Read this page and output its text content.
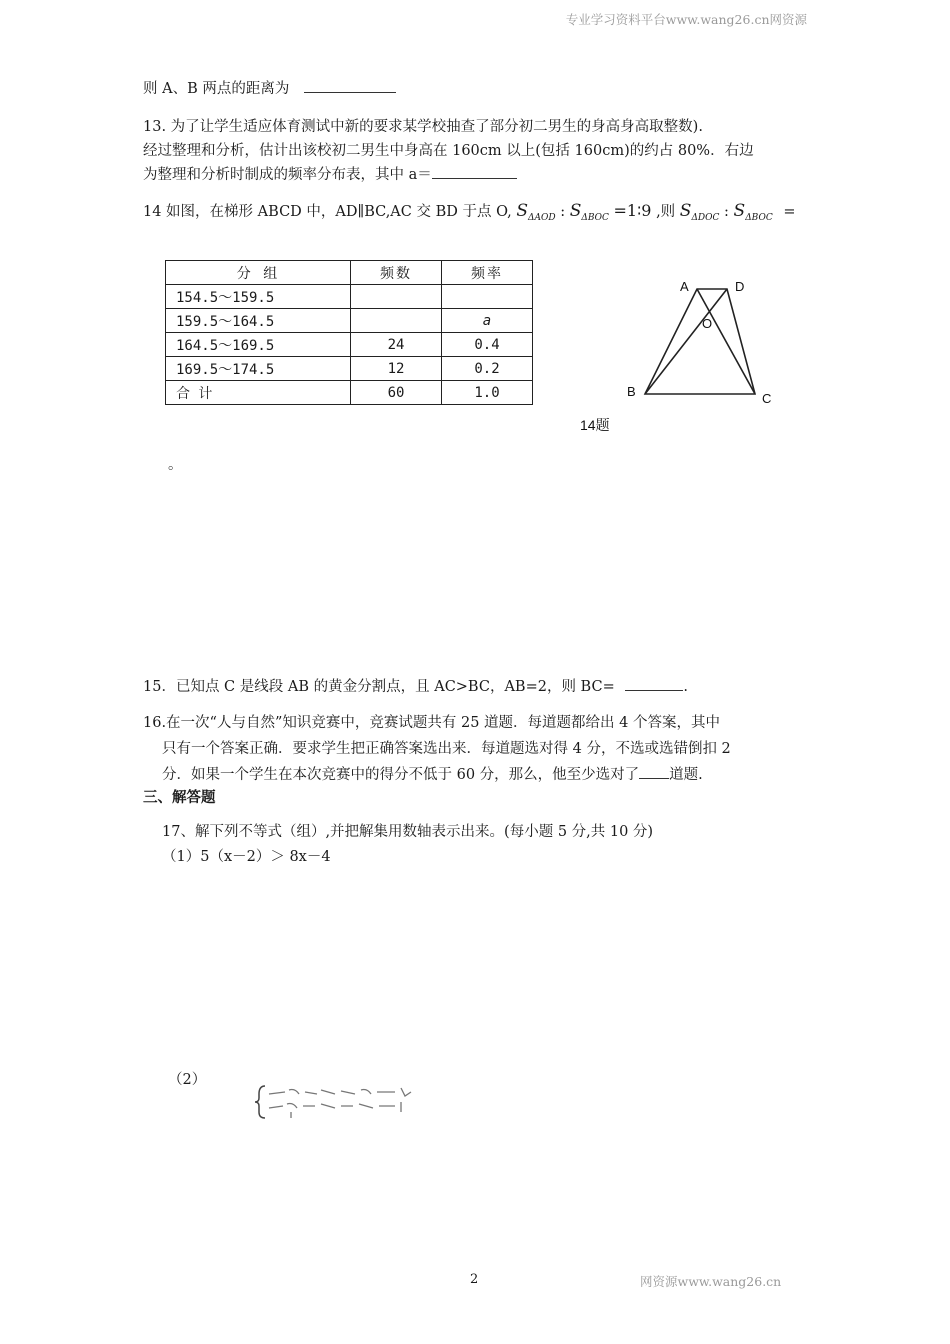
专业学习资料平台www.wang26.cn网资源
则 A、B 两点的距离为
13. 为了让学生适应体育测试中新的要求某学校抽查了部分初二男生的身高身高取整数).
经过整理和分析，估计出该校初二男生中身高在 160cm 以上(包括 160cm)的约占 80%．右边
为整理和分析时制成的频率分布表，其中 a＝
14 如图，在梯形 ABCD 中，AD∥BC,AC 交 BD 于点 O, $S_{\Delta AOD}$ : $S_{\Delta BOC}$ =1∶9 ,则 $S_{\Delta DOC}$ : $S_{\Delta BOC}$ =
分 组	频数	频率
154.5～159.5		
159.5～164.5		a
164.5～169.5	24	0.4
169.5～174.5	12	0.2
合 计	60	1.0
A	D
O
B	C
14题
。
15．已知点 C 是线段 AB 的黄金分割点，且 AC>BC，AB=2，则 BC=	.
16.在一次“人与自然”知识竞赛中，竞赛试题共有 25 道题．每道题都给出 4 个答案，其中
只有一个答案正确．要求学生把正确答案选出来．每道题选对得 4 分，不选或选错倒扣 2
分．如果一个学生在本次竞赛中的得分不低于 60 分，那么，他至少选对了 道题.
三、解答题
17、解下列不等式（组）,并把解集用数轴表示出来。(每小题 5 分,共 10 分)
（1）5（x－2）＞ 8x－4
（2）
2	网资源www.wang26.cn
